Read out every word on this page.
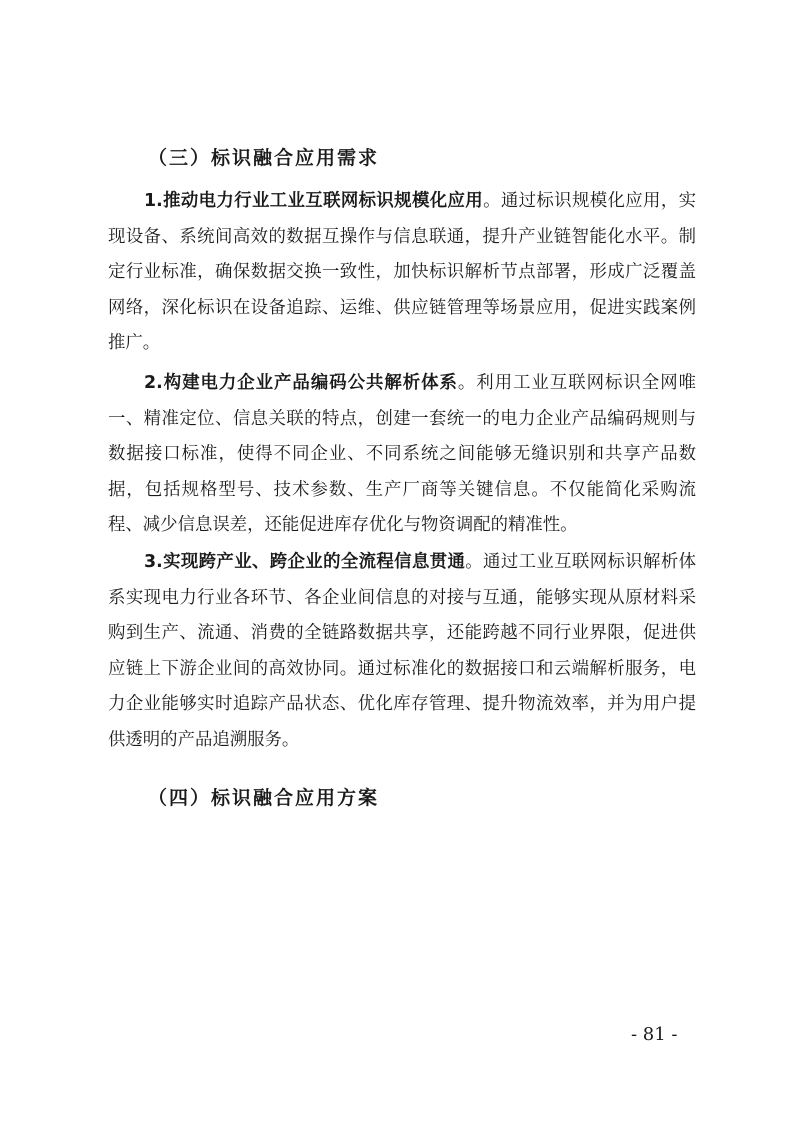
（三）标识融合应用需求

1.推动电力行业工业互联网标识规模化应用。通过标识规模化应用，实现设备、系统间高效的数据互操作与信息联通，提升产业链智能化水平。制定行业标准，确保数据交换一致性，加快标识解析节点部署，形成广泛覆盖网络，深化标识在设备追踪、运维、供应链管理等场景应用，促进实践案例推广。

2.构建电力企业产品编码公共解析体系。利用工业互联网标识全网唯一、精准定位、信息关联的特点，创建一套统一的电力企业产品编码规则与数据接口标准，使得不同企业、不同系统之间能够无缝识别和共享产品数据，包括规格型号、技术参数、生产厂商等关键信息。不仅能简化采购流程、减少信息误差，还能促进库存优化与物资调配的精准性。

3.实现跨产业、跨企业的全流程信息贯通。通过工业互联网标识解析体系实现电力行业各环节、各企业间信息的对接与互通，能够实现从原材料采购到生产、流通、消费的全链路数据共享，还能跨越不同行业界限，促进供应链上下游企业间的高效协同。通过标准化的数据接口和云端解析服务，电力企业能够实时追踪产品状态、优化库存管理、提升物流效率，并为用户提供透明的产品追溯服务。

（四）标识融合应用方案
- 81 -
